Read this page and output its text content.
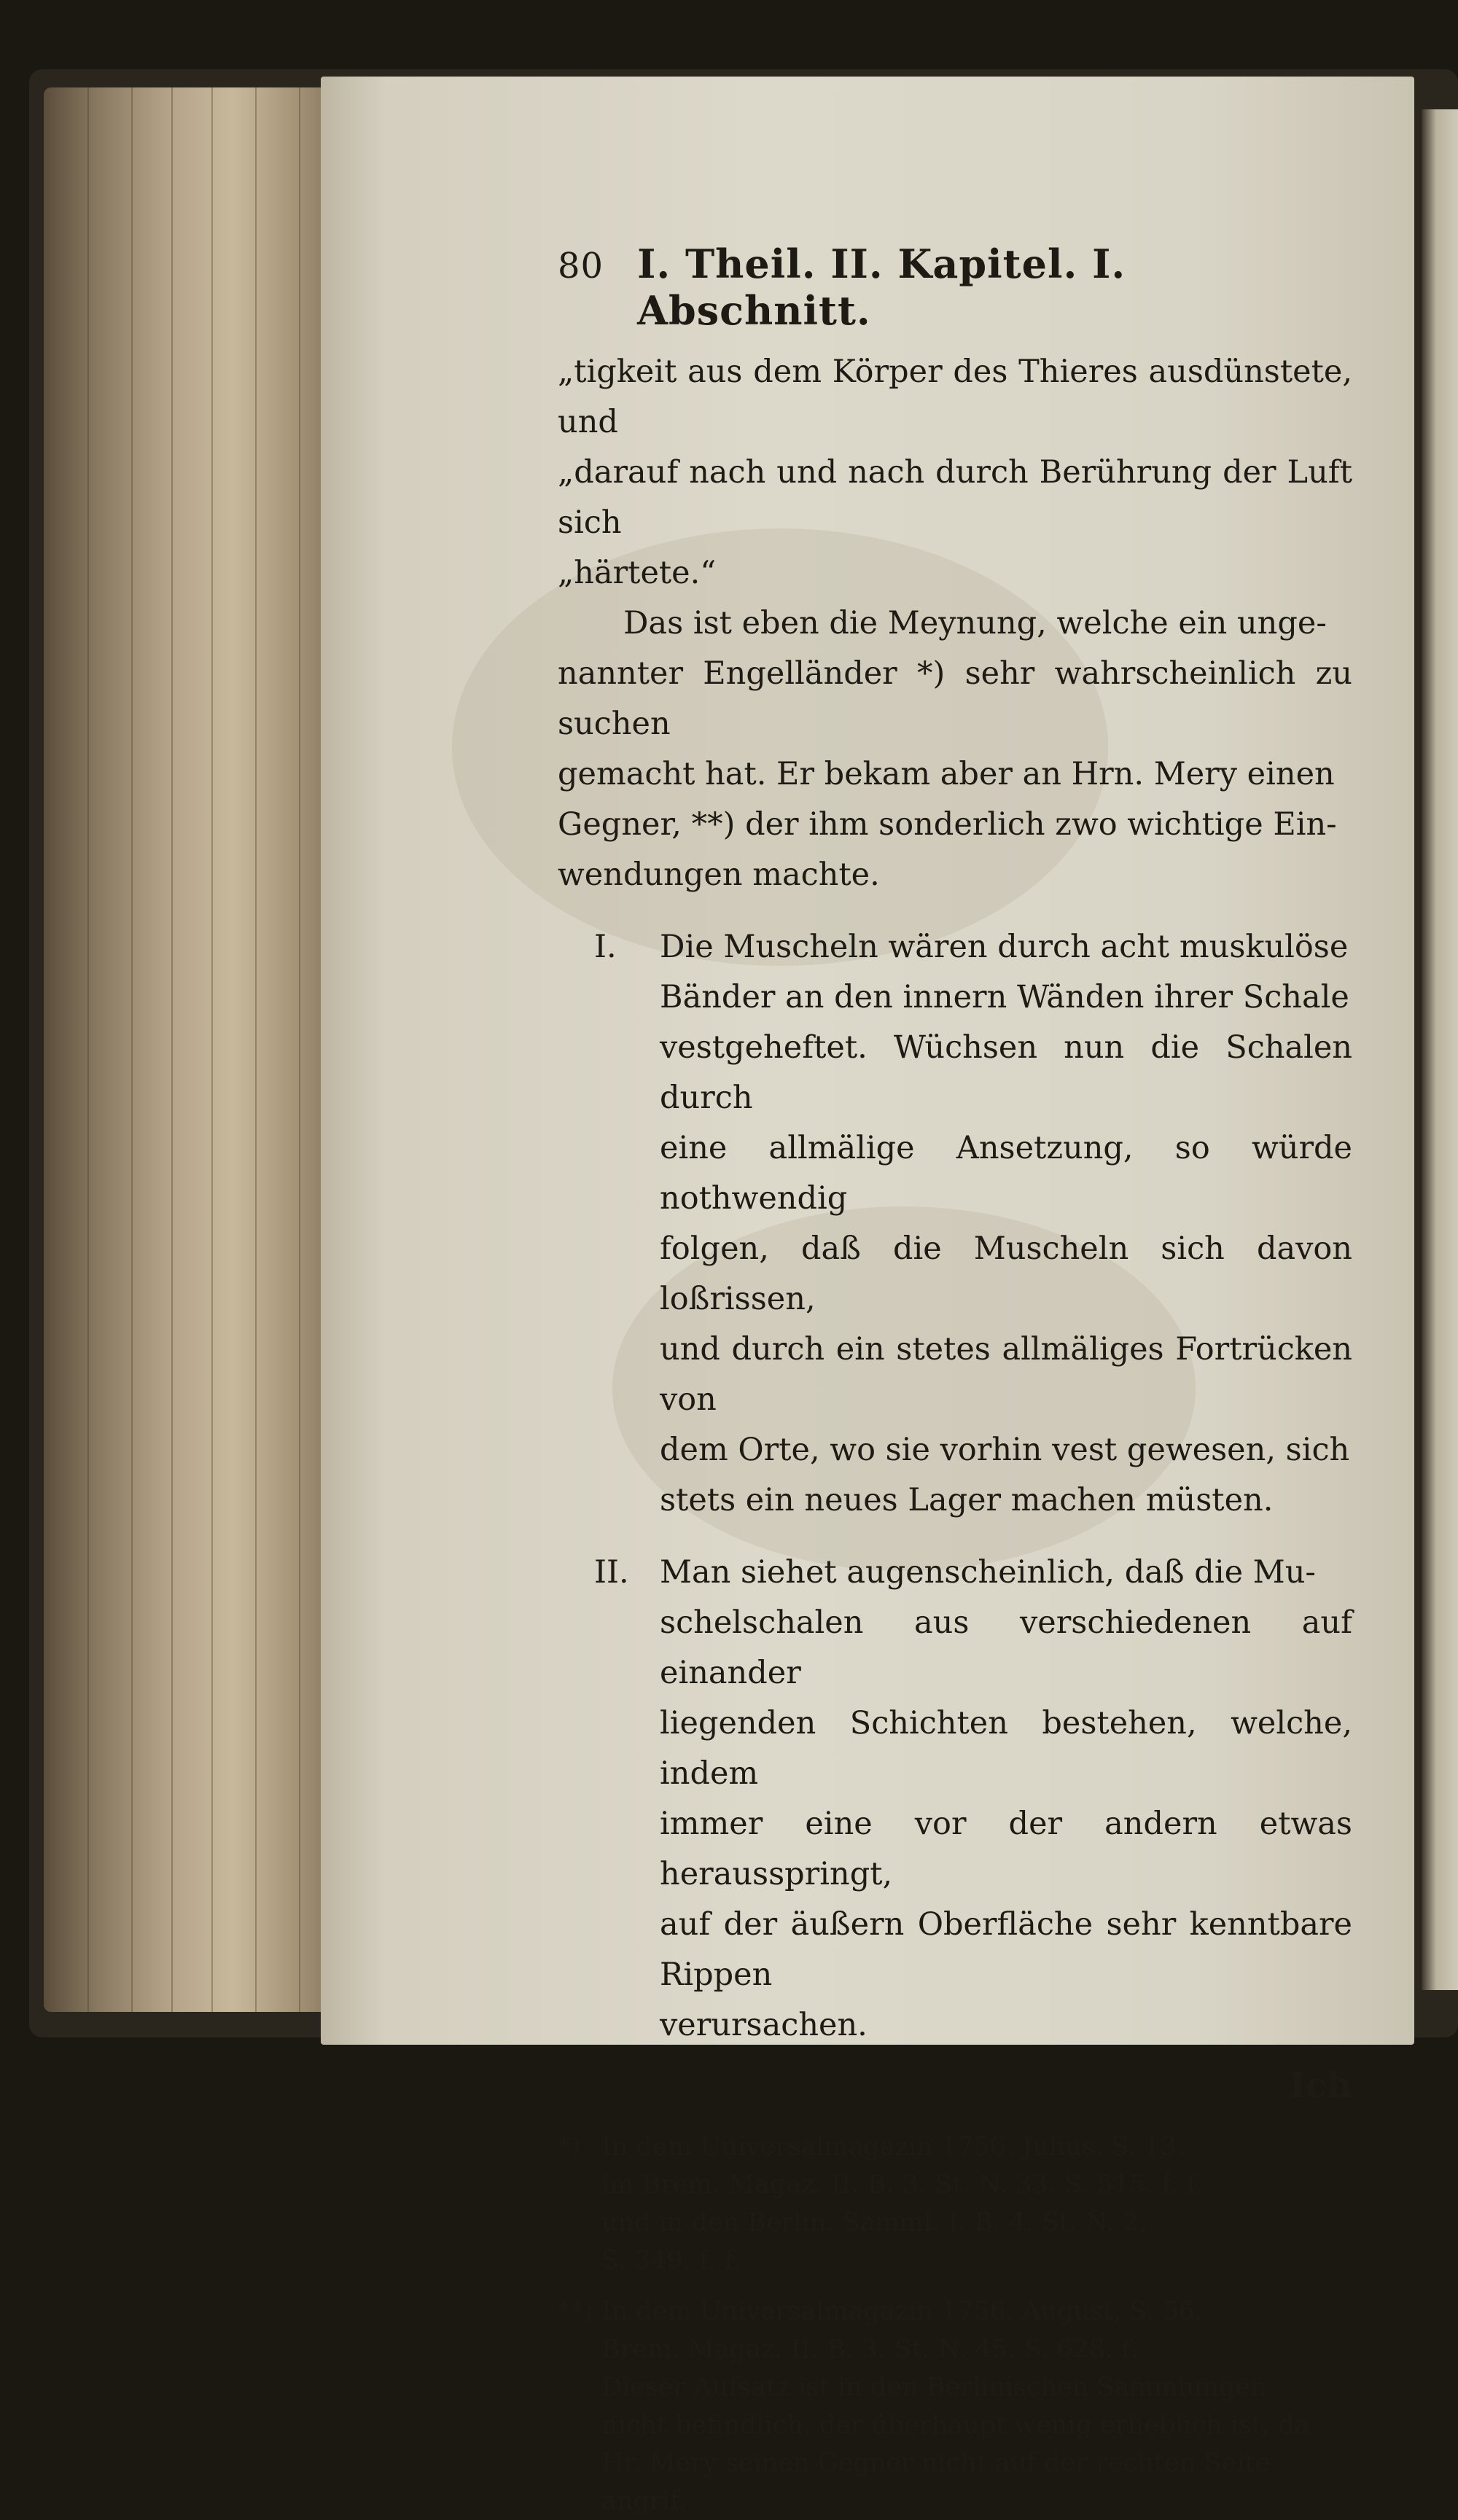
80 I. Theil. II. Kapitel. I. Abschnitt.
„tigkeit aus dem Körper des Thieres ausdünstete, und
„darauf nach und nach durch Berührung der Luft sich
„härtete.“
Das ist eben die Meynung, welche ein unge-
nannter Engelländer *) sehr wahrscheinlich zu suchen
gemacht hat. Er bekam aber an Hrn. Mery einen
Gegner, **) der ihm sonderlich zwo wichtige Ein-
wendungen machte.
I.	Die Muscheln wären durch acht muskulöse
Bänder an den innern Wänden ihrer Schale
vestgeheftet. Wüchsen nun die Schalen durch
eine allmälige Ansetzung, so würde nothwendig
folgen, daß die Muscheln sich davon loßrissen,
und durch ein stetes allmäliges Fortrücken von
dem Orte, wo sie vorhin vest gewesen, sich
stets ein neues Lager machen müsten.
II. Man siehet augenscheinlich, daß die Mu-
schelschalen aus verschiedenen auf einander
liegenden Schichten bestehen, welche, indem
immer eine vor der andern etwas herausspringt,
auf der äußern Oberfläche sehr kenntbare Rippen
verursachen.
Ich
*) In dem Universalmagazin 1756. Julius. S. 13.
im Brem. Magaz. II. B. 3. St. N. 33. S. 515. f. f.
und in den Berlin. Samml. I. B. 4. St. N. 2,
S. 349. f. f.
**) In dem Universalmagazin 1756. August, S. 56.
Brem. Magaz. II. B. 3. St. N. 45. S. 628. f.
Dieser Aufsatz ist in den Berlinischen Sammlungen
nicht befindlich, der überhaupt wenig erheblich ist, da
Hr. Mery seinen Gegner nicht auf der rechten Seite
angrif.
